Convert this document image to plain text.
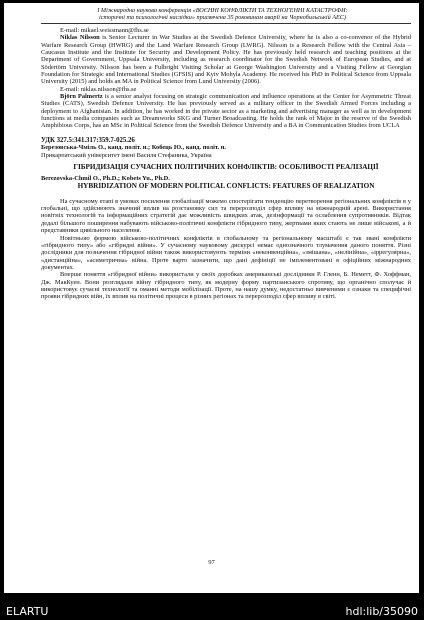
І Міжнародна наукова конференція «ВОЄННІ КОНФЛІКТИ ТА ТЕХНОГЕННІ КАТАСТРОФИ:
історичні та психологічні наслідки» присвячена 35 роковинам аварії на Чорнобильській АЕС)

E-mail: mikael.weissmann@fhs.se

Niklas Nilsson is Senior Lecturer in War Studies at the Swedish Defence University, where he is also a co-convenor of the Hybrid Warfare Research Group (HWRG) and the Land Warfare Research Group (LWRG). Nilsson is a Research Fellow with the Central Asia – Caucasus Institute and the Institute for Security and Development Policy. He has previously held research and teaching positions at the Department of Government, Uppsala University, including as research coordinator for the Swedish Network of European Studies, and at Södertörn University. Nilsson has been a Fulbright Visiting Scholar at George Washington University and a Visiting Fellow at Georgian Foundation for Strategic and International Studies (GFSIS) and Kyiv Mohyla Academy. He received his PhD in Political Science from Uppsala University (2015) and holds an MA in Political Science from Lund University (2006).

E-mail: niklas.nilsson@fhs.se

Björn Palmertz is a senior analyst focusing on strategic communication and influence operations at the Center for Asymmetric Threat Studies (CATS), Swedish Defence University. He has previously served as a military officer in the Swedish Armed Forces including a deployment to Afghanistan. In addition, he has worked in the private sector as a marketing and advertising manager as well as in development functions at media companies such as Dreamworks SKG and Turner Broadcasting. He holds the rank of Major in the reserve of the Swedish Amphibious Corps, has an MSc in Political Science from the Swedish Defence University and a BA in Communication Studies from UCLA

УДК 327.5:341.317:359.7-025.26

Березовська-Чміль О., канд. політ. н.; Кобець Ю., канд. політ. н.

Прикарпатський університет імені Василя Стефаника, Україна

ГІБРИДИЗАЦІЯ СУЧАСНИХ ПОЛІТИЧНИХ КОНФЛІКТІВ: ОСОБЛИВОСТІ РЕАЛІЗАЦІЇ

Berezovska-Chmil O., Ph.D.; Kobets Yu., Ph.D.

HYBRIDIZATION OF MODERN POLITICAL CONFLICTS: FEATURES OF REALIZATION

На сучасному етапі в умовах посилення глобалізації можемо спостерігати тенденцію перетворення регіональних конфліктів в у глобальні, що здійснюють значний вплив на розстановку сил та перерозподіл сфер впливу на міжнародній арені. Використання новітніх технологій та інформаційних стратегій дає можливість швидких атак, дезінформації та ослаблення супротивників. Відтак дедалі більшого поширення набувають військово-політичні конфлікти гібридного типу, жертвами яких стають не лише військові, а й представники цивільного населення.

Новітньою формою військово-політичних конфліктів в глобальному та регіональному масштабі є так звані конфлікти «гібридного типу» або «гібридні війни». У сучасному науковому дискурсі немає однозначного тлумачення даного поняття. Різні дослідники для позначення гібридної війни також використовують терміни «неконвенційна», «змішана», «нелінійна», «іррегулярна», «дистанційна», «асиметрична» війна. Проте варто зазначити, що дані дефініції не імплементовані в офіційних міжнародних документах.

Вперше поняття «гібридної війни» використали у своїх доробках американські дослідники Р. Гленн, Б. Неметт, Ф. Хоффман, Дж. МакКуен. Вони розглядали війну гібридного типу, як модерну форму партизанського спротиву, що органічно сполучає й використовує сучасні технології та оманні методи мобілізації. Проте, на нашу думку, недостатньо вивченими є ознаки та специфічні прояви гібридних війн, їх вплив на політичні процеси в різних регіонах та перерозподіл сфер впливу в світі.

97
ELARTU	hdl:lib/35090
